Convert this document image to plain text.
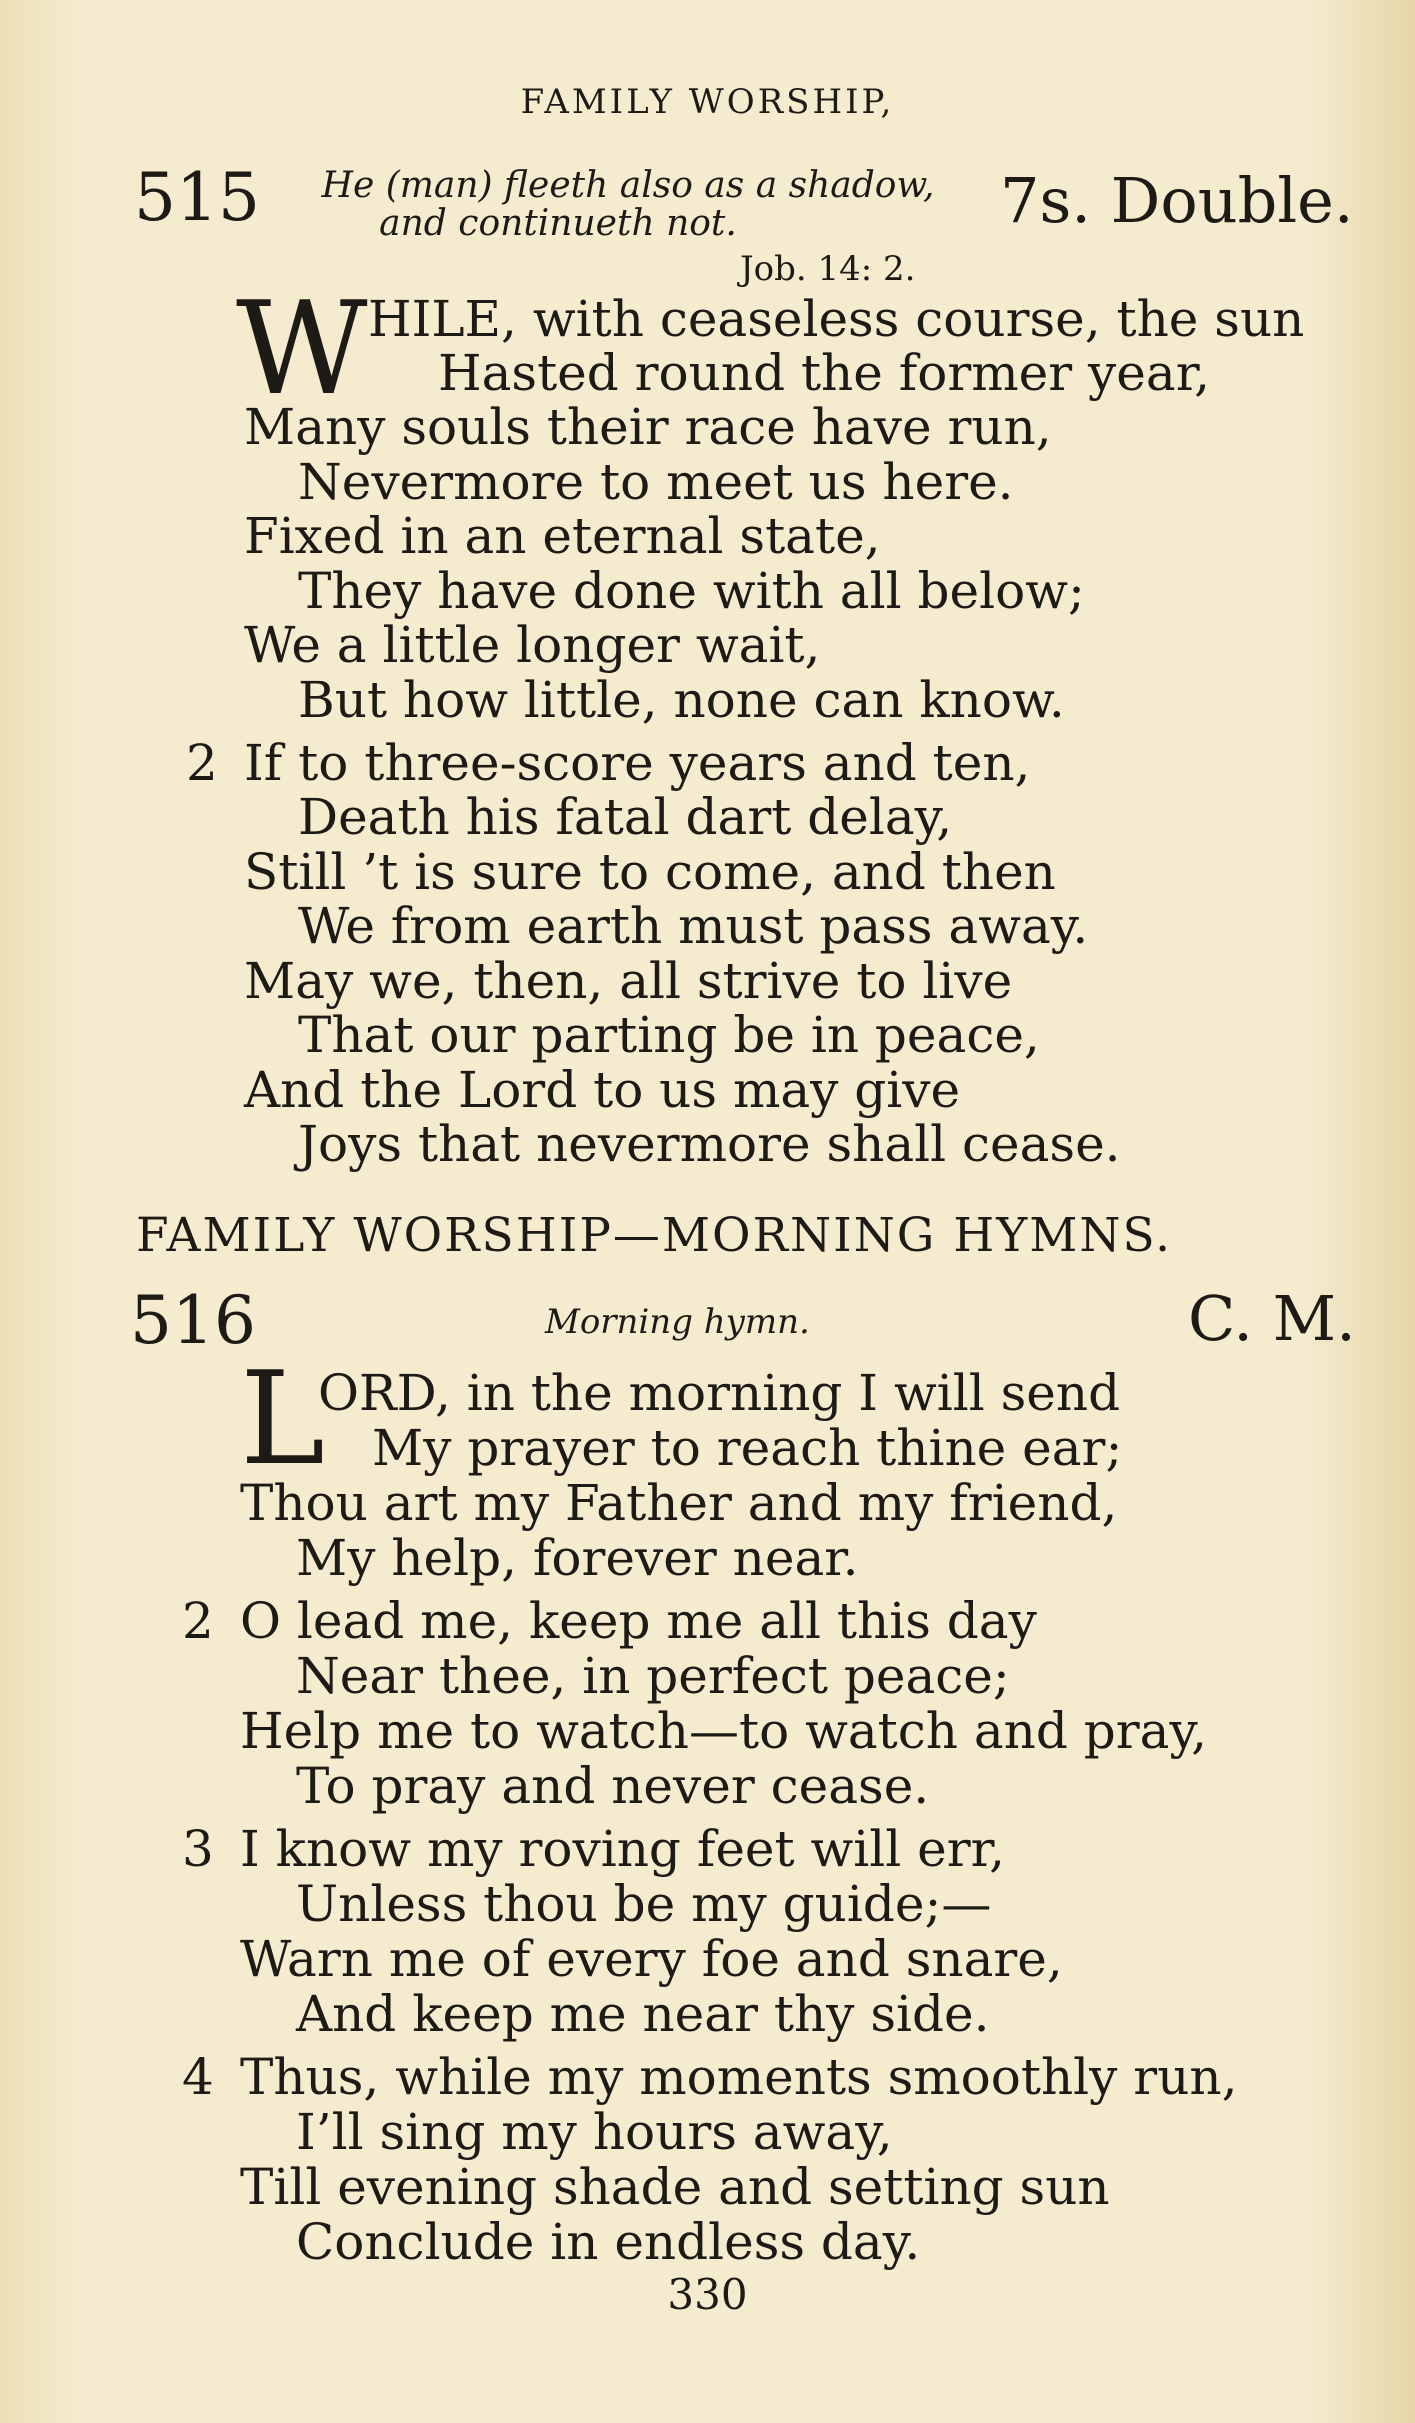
FAMILY WORSHIP,
515	He (man) fleeth also as a shadow,
and continueth not.	7s. Double.
Job. 14: 2.
W HILE, with ceaseless course, the sun
Hasted round the former year,
Many souls their race have run,
Nevermore to meet us here.
Fixed in an eternal state,
They have done with all below;
We a little longer wait,
But how little, none can know.
2 If to three-score years and ten,
Death his fatal dart delay,
Still ’t is sure to come, and then
We from earth must pass away.
May we, then, all strive to live
That our parting be in peace,
And the Lord to us may give
Joys that nevermore shall cease.
FAMILY WORSHIP—MORNING HYMNS.
516	Morning hymn.	C. M.
L
ORD, in the morning I will send
My prayer to reach thine ear;
Thou art my Father and my friend,
My help, forever near.
2 O lead me, keep me all this day
Near thee, in perfect peace;
Help me to watch—to watch and pray,
To pray and never cease.
3 I know my roving feet will err,
Unless thou be my guide;—
Warn me of every foe and snare,
And keep me near thy side.
4 Thus, while my moments smoothly run,
I’ll sing my hours away,
Till evening shade and setting sun
Conclude in endless day.
330
